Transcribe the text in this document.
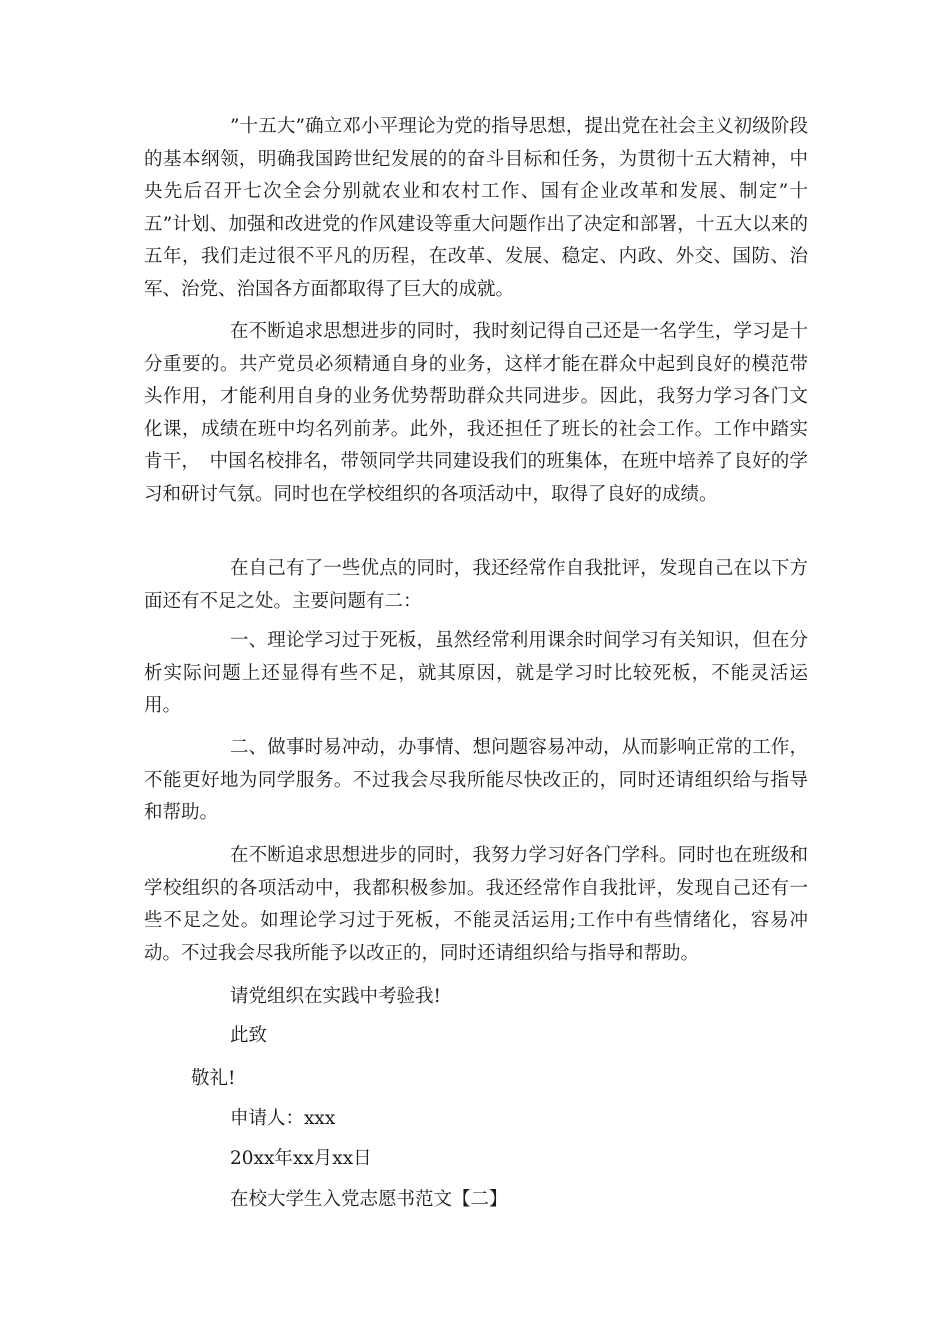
”十五大”确立邓小平理论为党的指导思想，提出党在社会主义初级阶段的基本纲领，明确我国跨世纪发展的的奋斗目标和任务，为贯彻十五大精神，中央先后召开七次全会分别就农业和农村工作、国有企业改革和发展、制定”十五”计划、加强和改进党的作风建设等重大问题作出了决定和部署，十五大以来的五年，我们走过很不平凡的历程，在改革、发展、稳定、内政、外交、国防、治军、治党、治国各方面都取得了巨大的成就。

在不断追求思想进步的同时，我时刻记得自己还是一名学生，学习是十分重要的。共产党员必须精通自身的业务，这样才能在群众中起到良好的模范带头作用，才能利用自身的业务优势帮助群众共同进步。因此，我努力学习各门文化课，成绩在班中均名列前茅。此外，我还担任了班长的社会工作。工作中踏实肯干，　中国名校排名，带领同学共同建设我们的班集体，在班中培养了良好的学习和研讨气氛。同时也在学校组织的各项活动中，取得了良好的成绩。

在自己有了一些优点的同时，我还经常作自我批评，发现自己在以下方面还有不足之处。主要问题有二：

一、理论学习过于死板，虽然经常利用课余时间学习有关知识，但在分析实际问题上还显得有些不足，就其原因，就是学习时比较死板，不能灵活运用。

二、做事时易冲动，办事情、想问题容易冲动，从而影响正常的工作，不能更好地为同学服务。不过我会尽我所能尽快改正的，同时还请组织给与指导和帮助。

在不断追求思想进步的同时，我努力学习好各门学科。同时也在班级和学校组织的各项活动中，我都积极参加。我还经常作自我批评，发现自己还有一些不足之处。如理论学习过于死板，不能灵活运用;工作中有些情绪化，容易冲动。不过我会尽我所能予以改正的，同时还请组织给与指导和帮助。

请党组织在实践中考验我!

此致

敬礼!

申请人：xxx

20xx年xx月xx日

在校大学生入党志愿书范文【二】
